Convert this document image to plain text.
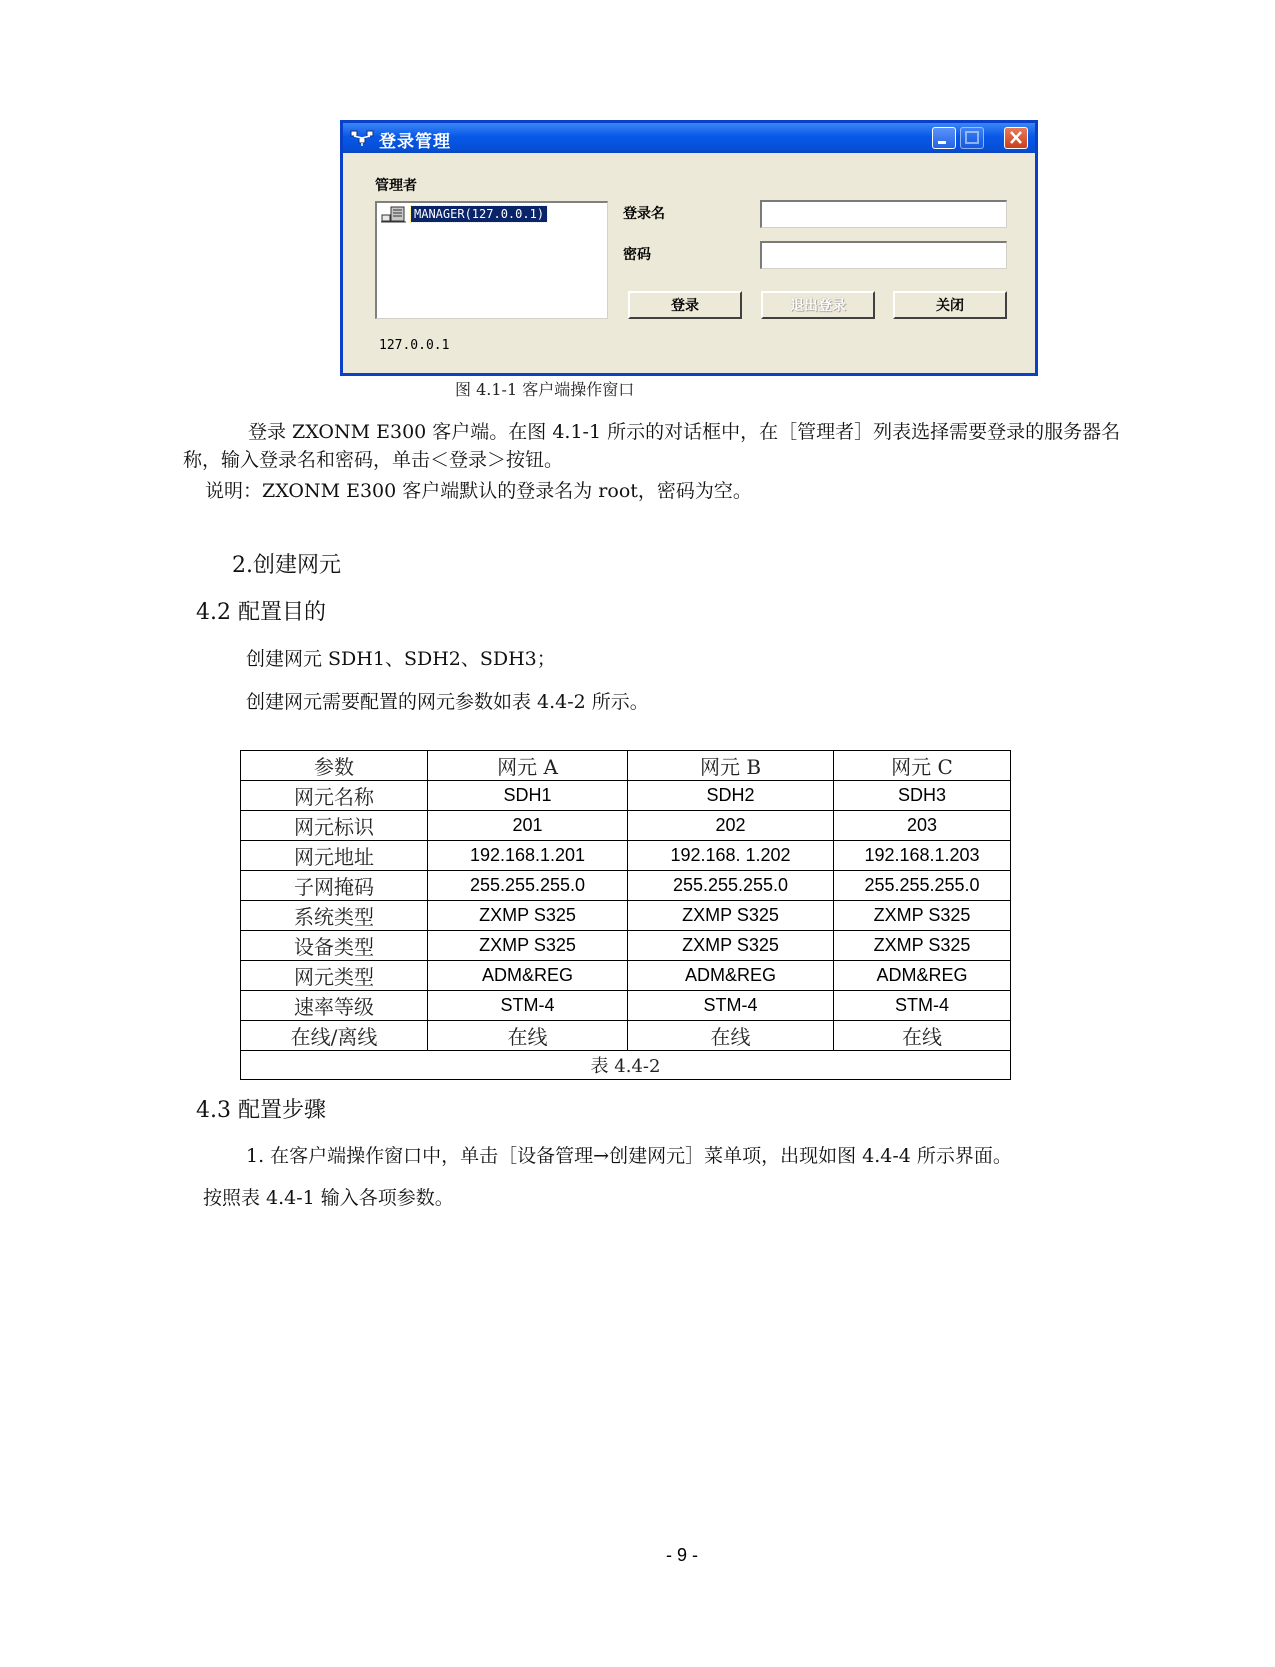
登录管理
管理者
MANAGER(127.0.0.1)	登录名
密码
登录	退出登录	关闭
127.0.0.1
图 4.1-1 客户端操作窗口
登录 ZXONM E300 客户端。在图 4.1-1 所示的对话框中，在［管理者］列表选择需要登录的服务器名
称，输入登录名和密码，单击＜登录＞按钮。
说明：ZXONM E300 客户端默认的登录名为 root，密码为空。
2.创建网元
4.2 配置目的
创建网元 SDH1、SDH2、SDH3；
创建网元需要配置的网元参数如表 4.4-2 所示。
参数	网元 A	网元 B	网元 C
网元名称	SDH1	SDH2	SDH3
网元标识	201	202	203
网元地址	192.168.1.201	192.168. 1.202	192.168.1.203
子网掩码	255.255.255.0	255.255.255.0	255.255.255.0
系统类型	ZXMP S325	ZXMP S325	ZXMP S325
设备类型	ZXMP S325	ZXMP S325	ZXMP S325
网元类型	ADM&REG	ADM&REG	ADM&REG
速率等级	STM-4	STM-4	STM-4
在线/离线	在线	在线	在线
表 4.4-2			
4.3 配置步骤
1. 在客户端操作窗口中，单击［设备管理→创建网元］菜单项，出现如图 4.4-4 所示界面。
按照表 4.4-1 输入各项参数。
- 9 -
